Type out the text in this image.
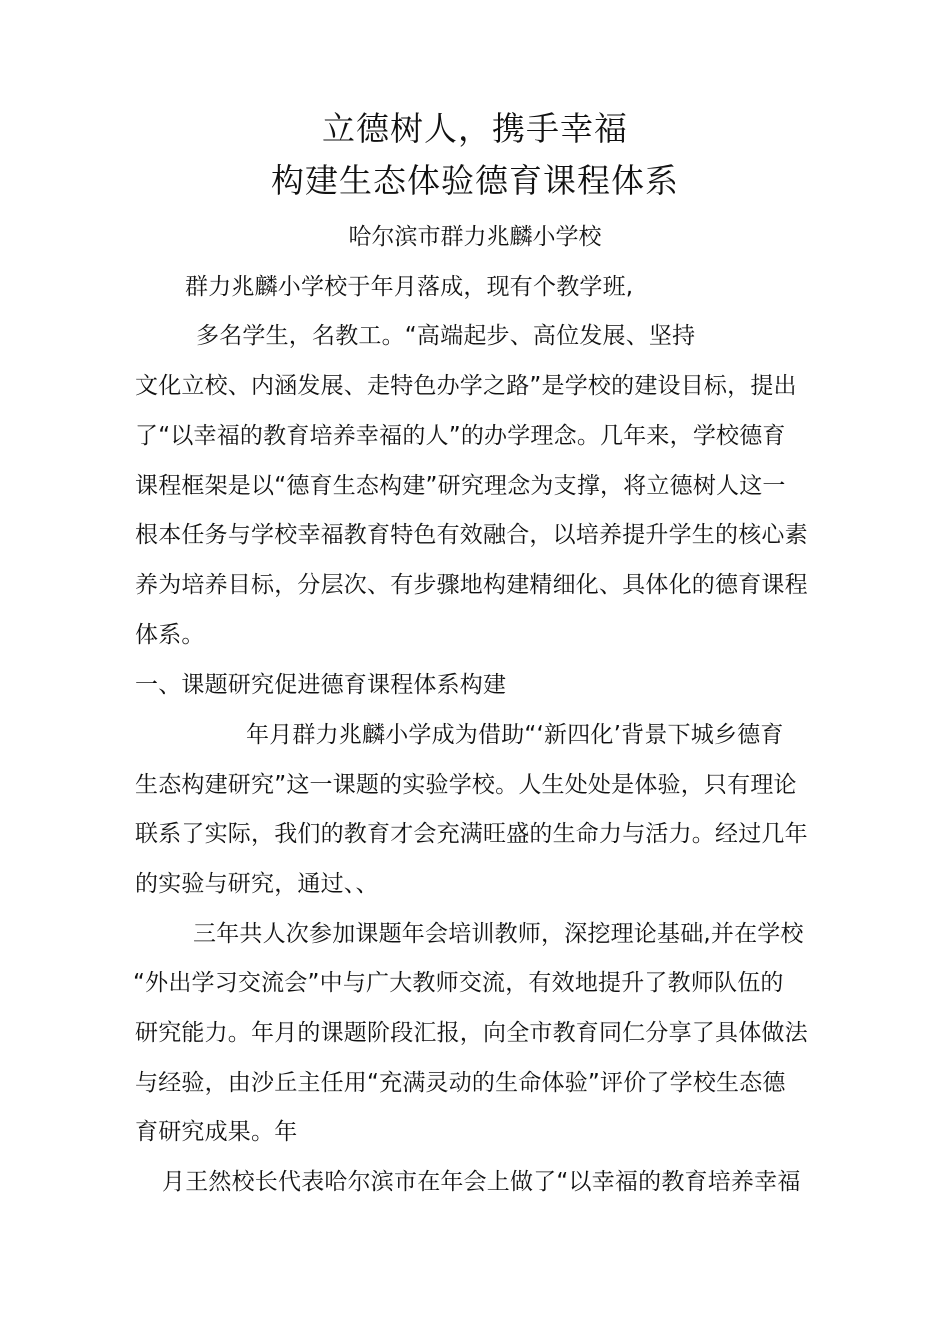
立德树人，携手幸福
构建生态体验德育课程体系
哈尔滨市群力兆麟小学校
群力兆麟小学校于年月落成，现有个教学班,
多名学生，名教工。“高端起步、高位发展、坚持
文化立校、内涵发展、走特色办学之路”是学校的建设目标，提出
了“以幸福的教育培养幸福的人”的办学理念。几年来，学校德育
课程框架是以“德育生态构建”研究理念为支撑，将立德树人这一
根本任务与学校幸福教育特色有效融合，以培养提升学生的核心素
养为培养目标，分层次、有步骤地构建精细化、具体化的德育课程
体系。
一、课题研究促进德育课程体系构建
年月群力兆麟小学成为借助“‘新四化’背景下城乡德育
生态构建研究”这一课题的实验学校。人生处处是体验，只有理论
联系了实际，我们的教育才会充满旺盛的生命力与活力。经过几年
的实验与研究，通过、、
三年共人次参加课题年会培训教师，深挖理论基础,并在学校
“外出学习交流会”中与广大教师交流，有效地提升了教师队伍的
研究能力。年月的课题阶段汇报，向全市教育同仁分享了具体做法
与经验，由沙丘主任用“充满灵动的生命体验”评价了学校生态德
育研究成果。年
月王然校长代表哈尔滨市在年会上做了“以幸福的教育培养幸福
